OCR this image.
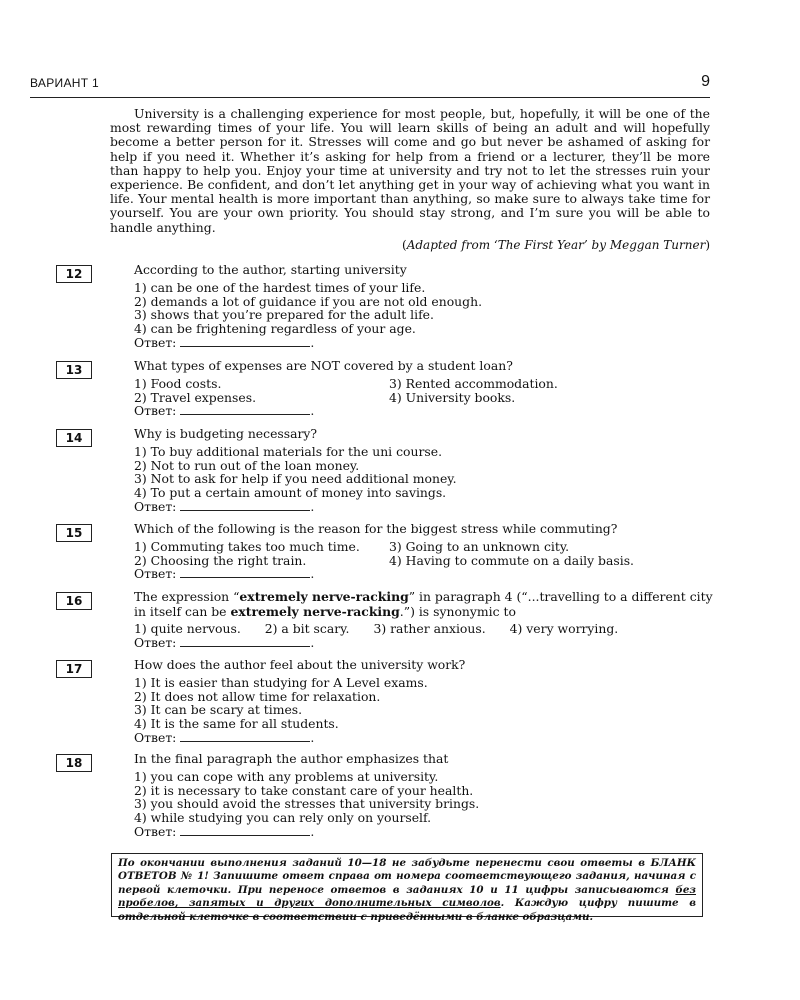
ВАРИАНТ 1	9

University is a challenging experience for most people, but, hopefully, it will be one of the most rewarding times of your life. You will learn skills of being an adult and will hopefully become a better person for it. Stresses will come and go but never be ashamed of asking for help if you need it. Whether it’s asking for help from a friend or a lecturer, they’ll be more than happy to help you. Enjoy your time at university and try not to let the stresses ruin your experience. Be confident, and don’t let anything get in your way of achieving what you want in life. Your mental health is more important than anything, so make sure to always take time for yourself. You are your own priority. You should stay strong, and I’m sure you will be able to handle anything.

(Adapted from ‘The First Year’ by Meggan Turner)
12	According to the author, starting university

1) can be one of the hardest times of your life.

2) demands a lot of guidance if you are not old enough.

3) shows that you’re prepared for the adult life.

4) can be frightening regardless of your age.

Ответ:	.

13	What types of expenses are NOT covered by a student loan?

1) Food costs.	3) Rented accommodation.

2) Travel expenses.	4) University books.

Ответ:	.

14	Why is budgeting necessary?

1) To buy additional materials for the uni course.

2) Not to run out of the loan money.

3) Not to ask for help if you need additional money.

4) To put a certain amount of money into savings.

Ответ:	.

15	Which of the following is the reason for the biggest stress while commuting?

1) Commuting takes too much time.	3) Going to an unknown city.

2) Choosing the right train.	4) Having to commute on a daily basis.

Ответ:	.

16	The expression “extremely nerve-racking” in paragraph 4 (“...travelling to a different city in itself can be extremely nerve-racking.”) is synonymic to

1) quite nervous. 2) a bit scary. 3) rather anxious. 4) very worrying.

Ответ:	.

17	How does the author feel about the university work?

1) It is easier than studying for A Level exams.

2) It does not allow time for relaxation.

3) It can be scary at times.

4) It is the same for all students.

Ответ:	.

18	In the final paragraph the author emphasizes that

1) you can cope with any problems at university.

2) it is necessary to take constant care of your health.

3) you should avoid the stresses that university brings.

4) while studying you can rely only on yourself.

Ответ:	.

По окончании выполнения заданий 10—18 не забудьте перенести свои ответы в БЛАНК ОТВЕТОВ № 1! Запишите ответ справа от номера соответствующего задания, начиная с первой клеточки. При переносе ответов в заданиях 10 и 11 цифры записываются без пробелов, запятых и других дополнительных символов. Каждую цифру пишите в отдельной клеточке в соответствии с приведёнными в бланке образцами.
